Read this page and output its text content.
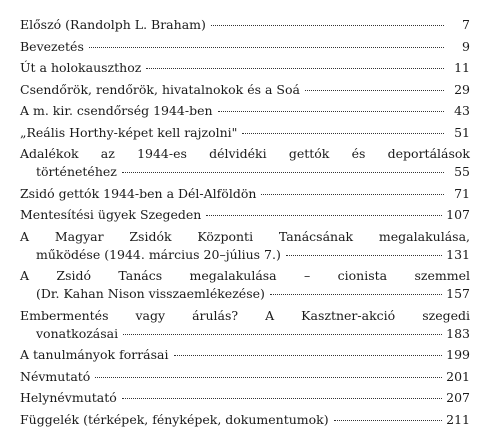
Előszó (Randolph L. Braham)	7
Bevezetés	9
Út a holokauszthoz	11
Csendőrök, rendőrök, hivatalnokok és a Soá	29
A m. kir. csendőrség 1944-ben	43
„Reális Horthy-képet kell rajzolni"	51
Adalékok az 1944-es délvidéki gettók és deportálások
történetéhez	55
Zsidó gettók 1944-ben a Dél-Alföldön	71
Mentesítési ügyek Szegeden	107
A Magyar Zsidók Központi Tanácsának megalakulása,
működése (1944. március 20–július 7.)	131
A Zsidó Tanács megalakulása – cionista szemmel
(Dr. Kahan Nison visszaemlékezése)	157
Embermentés vagy árulás? A Kasztner-akció szegedi
vonatkozásai	183
A tanulmányok forrásai	199
Névmutató	201
Helynévmutató	207
Függelék (térképek, fényképek, dokumentumok)	211
